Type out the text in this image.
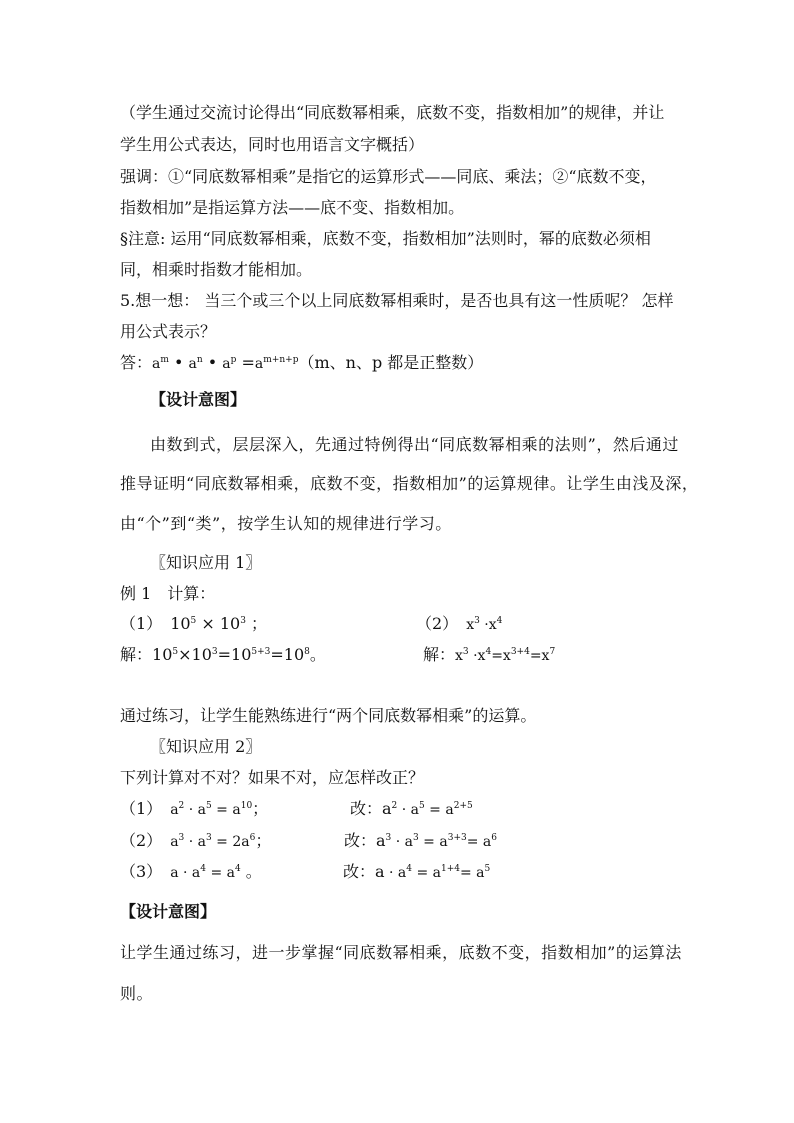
（学生通过交流讨论得出“同底数幂相乘，底数不变，指数相加”的规律，并让
学生用公式表达，同时也用语言文字概括）
强调：①“同底数幂相乘”是指它的运算形式——同底、乘法；②“底数不变，
指数相加”是指运算方法——底不变、指数相加。
§注意: 运用“同底数幂相乘，底数不变，指数相加”法则时，幂的底数必须相
同，相乘时指数才能相加。
5.想一想： 当三个或三个以上同底数幂相乘时，是否也具有这一性质呢？ 怎样
用公式表示？
答：$a^m$ • $a^n$ • $a^p =a^{m+n+p}(m$、n、p 都是正整数）
【设计意图】
由数到式，层层深入，先通过特例得出“同底数幂相乘的法则”，然后通过
推导证明“同底数幂相乘，底数不变，指数相加”的运算规律。让学生由浅及深，
由“个”到“类”，按学生认知的规律进行学习。
〖知识应用 1〗
例 1　计算：
（1）　$10^5 \times 10^3$ ；	（2）　$x^3 \cdot x^4$
解：$10^5\times 10^3=10^{5+3}=10^8$。	解：$x^3 \cdot x^4=x^{3+4}=x^7$
通过练习，让学生能熟练进行“两个同底数幂相乘”的运算。
〖知识应用 2〗
下列计算对不对？如果不对，应怎样改正？
（1）　$a^2 \cdot a^5 = a^{10}$；	改：$a^2 \cdot a^5 = a^{2+5}$
（2）　$a^3 \cdot a^3 = 2a^6$；	改：$a^3 \cdot a^3 = a^{3+3}= a^6$
（3）　$a \cdot a^4 = a^4$ 。	改：$a \cdot a^4 = a^{1+4}= a^5$
【设计意图】
让学生通过练习，进一步掌握“同底数幂相乘，底数不变，指数相加”的运算法
则。
